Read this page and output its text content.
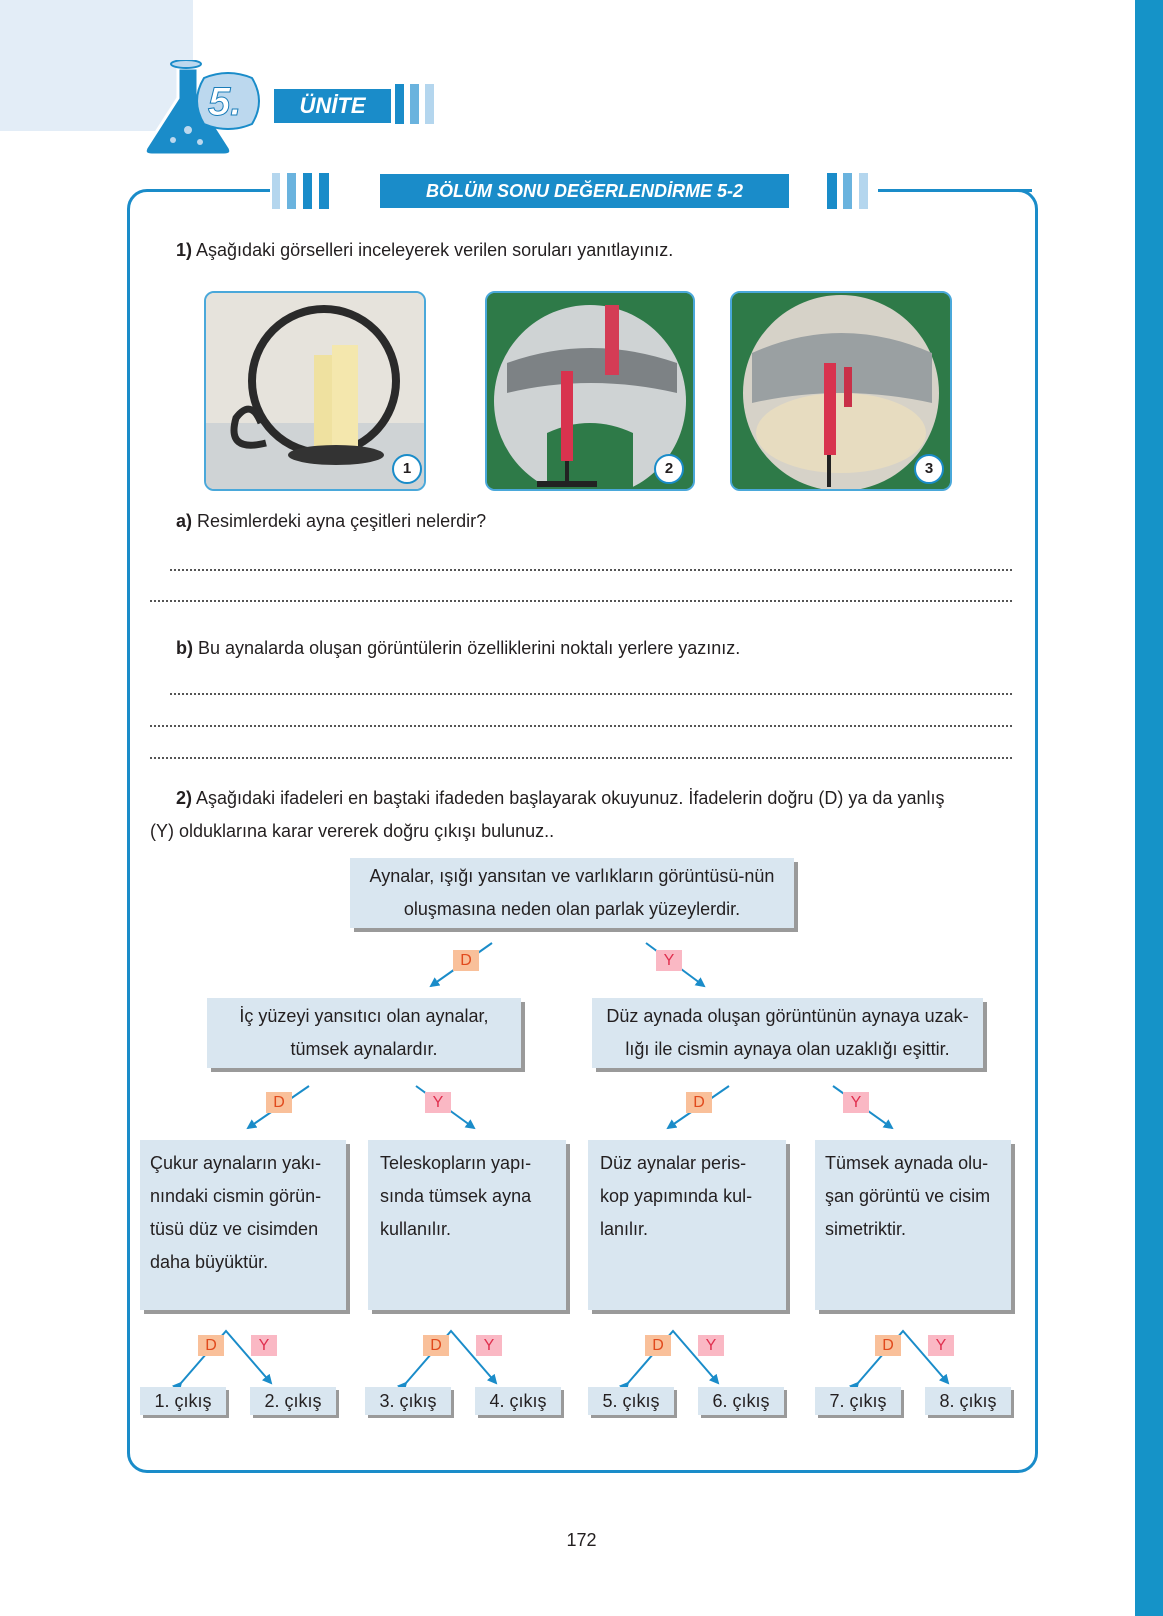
5.	ÜNİTE
BÖLÜM SONU DEĞERLENDİRME 5-2
1) Aşağıdaki görselleri inceleyerek verilen soruları yanıtlayınız.
1	2	3
a) Resimlerdeki ayna çeşitleri nelerdir?
b) Bu aynalarda oluşan görüntülerin özelliklerini noktalı yerlere yazınız.
2) Aşağıdaki ifadeleri en baştaki ifadeden başlayarak okuyunuz. İfadelerin doğru (D) ya da yanlış
(Y) olduklarına karar vererek doğru çıkışı bulunuz..
Aynalar, ışığı yansıtan ve varlıkların görüntüsü-nün oluşmasına neden olan parlak yüzeylerdir.
D	Y
İç yüzeyi yansıtıcı olan aynalar, tümsek aynalardır.
Düz aynada oluşan görüntünün aynaya uzak-lığı ile cismin aynaya olan uzaklığı eşittir.
D	Y	D	Y
Çukur aynaların yakı-nındaki cismin görün-tüsü düz ve cisimden daha büyüktür.
Teleskopların yapı-sında tümsek ayna kullanılır.
Düz aynalar peris-kop yapımında kul-lanılır.
Tümsek aynada olu-şan görüntü ve cisim simetriktir.
D	Y	D	Y	D	Y	D	Y
1. çıkış	2. çıkış	3. çıkış	4. çıkış	5. çıkış	6. çıkış	7. çıkış	8. çıkış
172
